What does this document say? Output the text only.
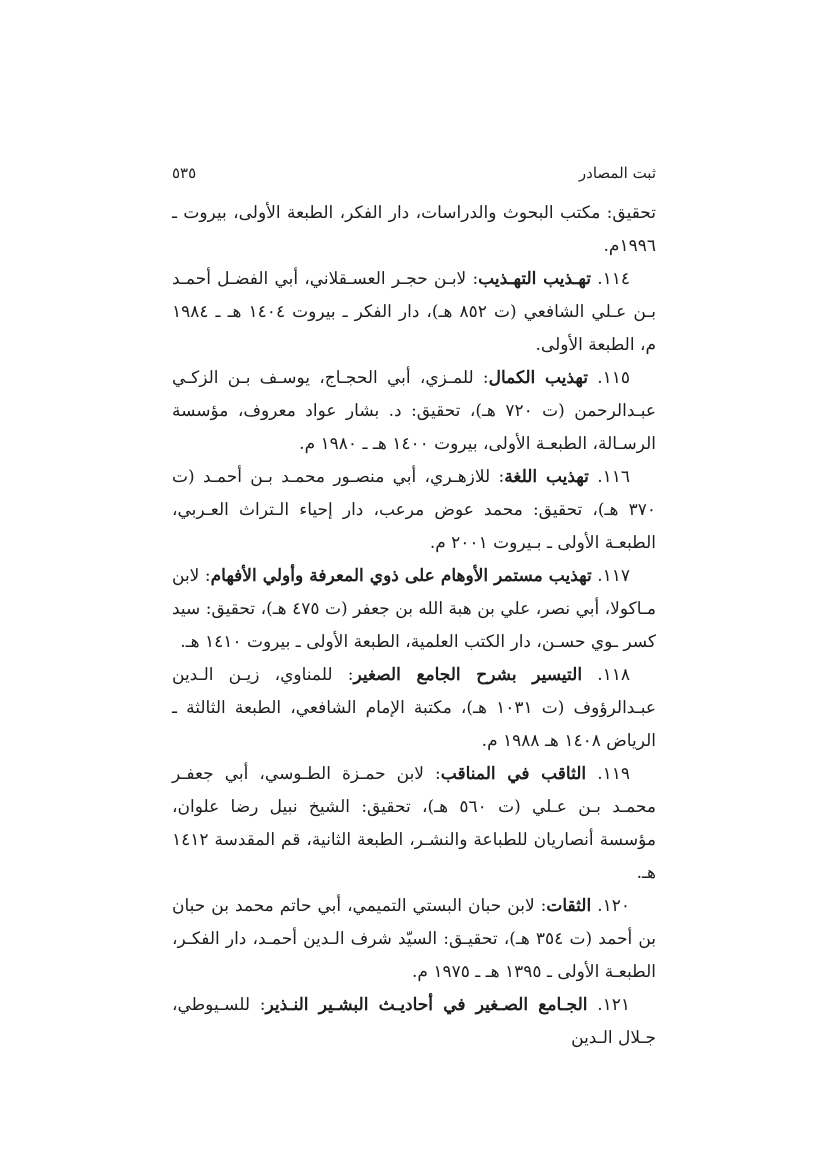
ثبت المصادر
٥٣٥

تحقيق: مكتب البحوث والدراسات، دار الفكر، الطبعة الأولى، بيروت ـ ١٩٩٦م.

١١٤. تهـذيب التهـذيب: لابـن حجـر العسـقلاني، أبي الفضـل أحمـد بـن عـلي الشافعي (ت ٨٥٢ هـ)، دار الفكر ـ بيروت ١٤٠٤ هـ ـ ١٩٨٤ م، الطبعة الأولى.

١١٥. تهذيب الكمال: للمـزي، أبي الحجـاج، يوسـف بـن الزكـي عبـدالرحمن (ت ٧٢٠ هـ)، تحقيق: د. بشار عواد معروف، مؤسسة الرسـالة، الطبعـة الأولى، بيروت ١٤٠٠ هـ ـ ١٩٨٠ م.

١١٦. تهذيب اللغة: للازهـري، أبي منصـور محمـد بـن أحمـد (ت ٣٧٠ هـ)، تحقيق: محمد عوض مرعب، دار إحياء الـتراث العـربي، الطبعـة الأولى ـ بـيروت ٢٠٠١ م.

١١٧. تهذيب مستمر الأوهام على ذوي المعرفة وأولي الأفهام: لابن مـاكولا، أبي نصر، علي بن هبة الله بن جعفر (ت ٤٧٥ هـ)، تحقيق: سيد كسر ـوي حسـن، دار الكتب العلمية، الطبعة الأولى ـ بيروت ١٤١٠ هـ.

١١٨. التيسير بشرح الجامع الصغير: للمناوي، زيـن الـدين عبـدالرؤوف (ت ١٠٣١ هـ)، مكتبة الإمام الشافعي، الطبعة الثالثة ـ الرياض ١٤٠٨ هـ ١٩٨٨ م.

١١٩. الثاقب في المناقب: لابن حمـزة الطـوسي، أبي جعفـر محمـد بـن عـلي (ت ٥٦٠ هـ)، تحقيق: الشيخ نبيل رضا علوان، مؤسسة أنصاريان للطباعة والنشـر، الطبعة الثانية، قم المقدسة ١٤١٢ هـ.

١٢٠. الثقات: لابن حبان البستي التميمي، أبي حاتم محمد بن حبان بن أحمد (ت ٣٥٤ هـ)، تحقيـق: السيّد شرف الـدين أحمـد، دار الفكـر، الطبعـة الأولى ـ ١٣٩٥ هـ ـ ١٩٧٥ م.

١٢١. الجـامع الصـغير في أحاديـث البشـير النـذير: للسـيوطي، جـلال الـدين
